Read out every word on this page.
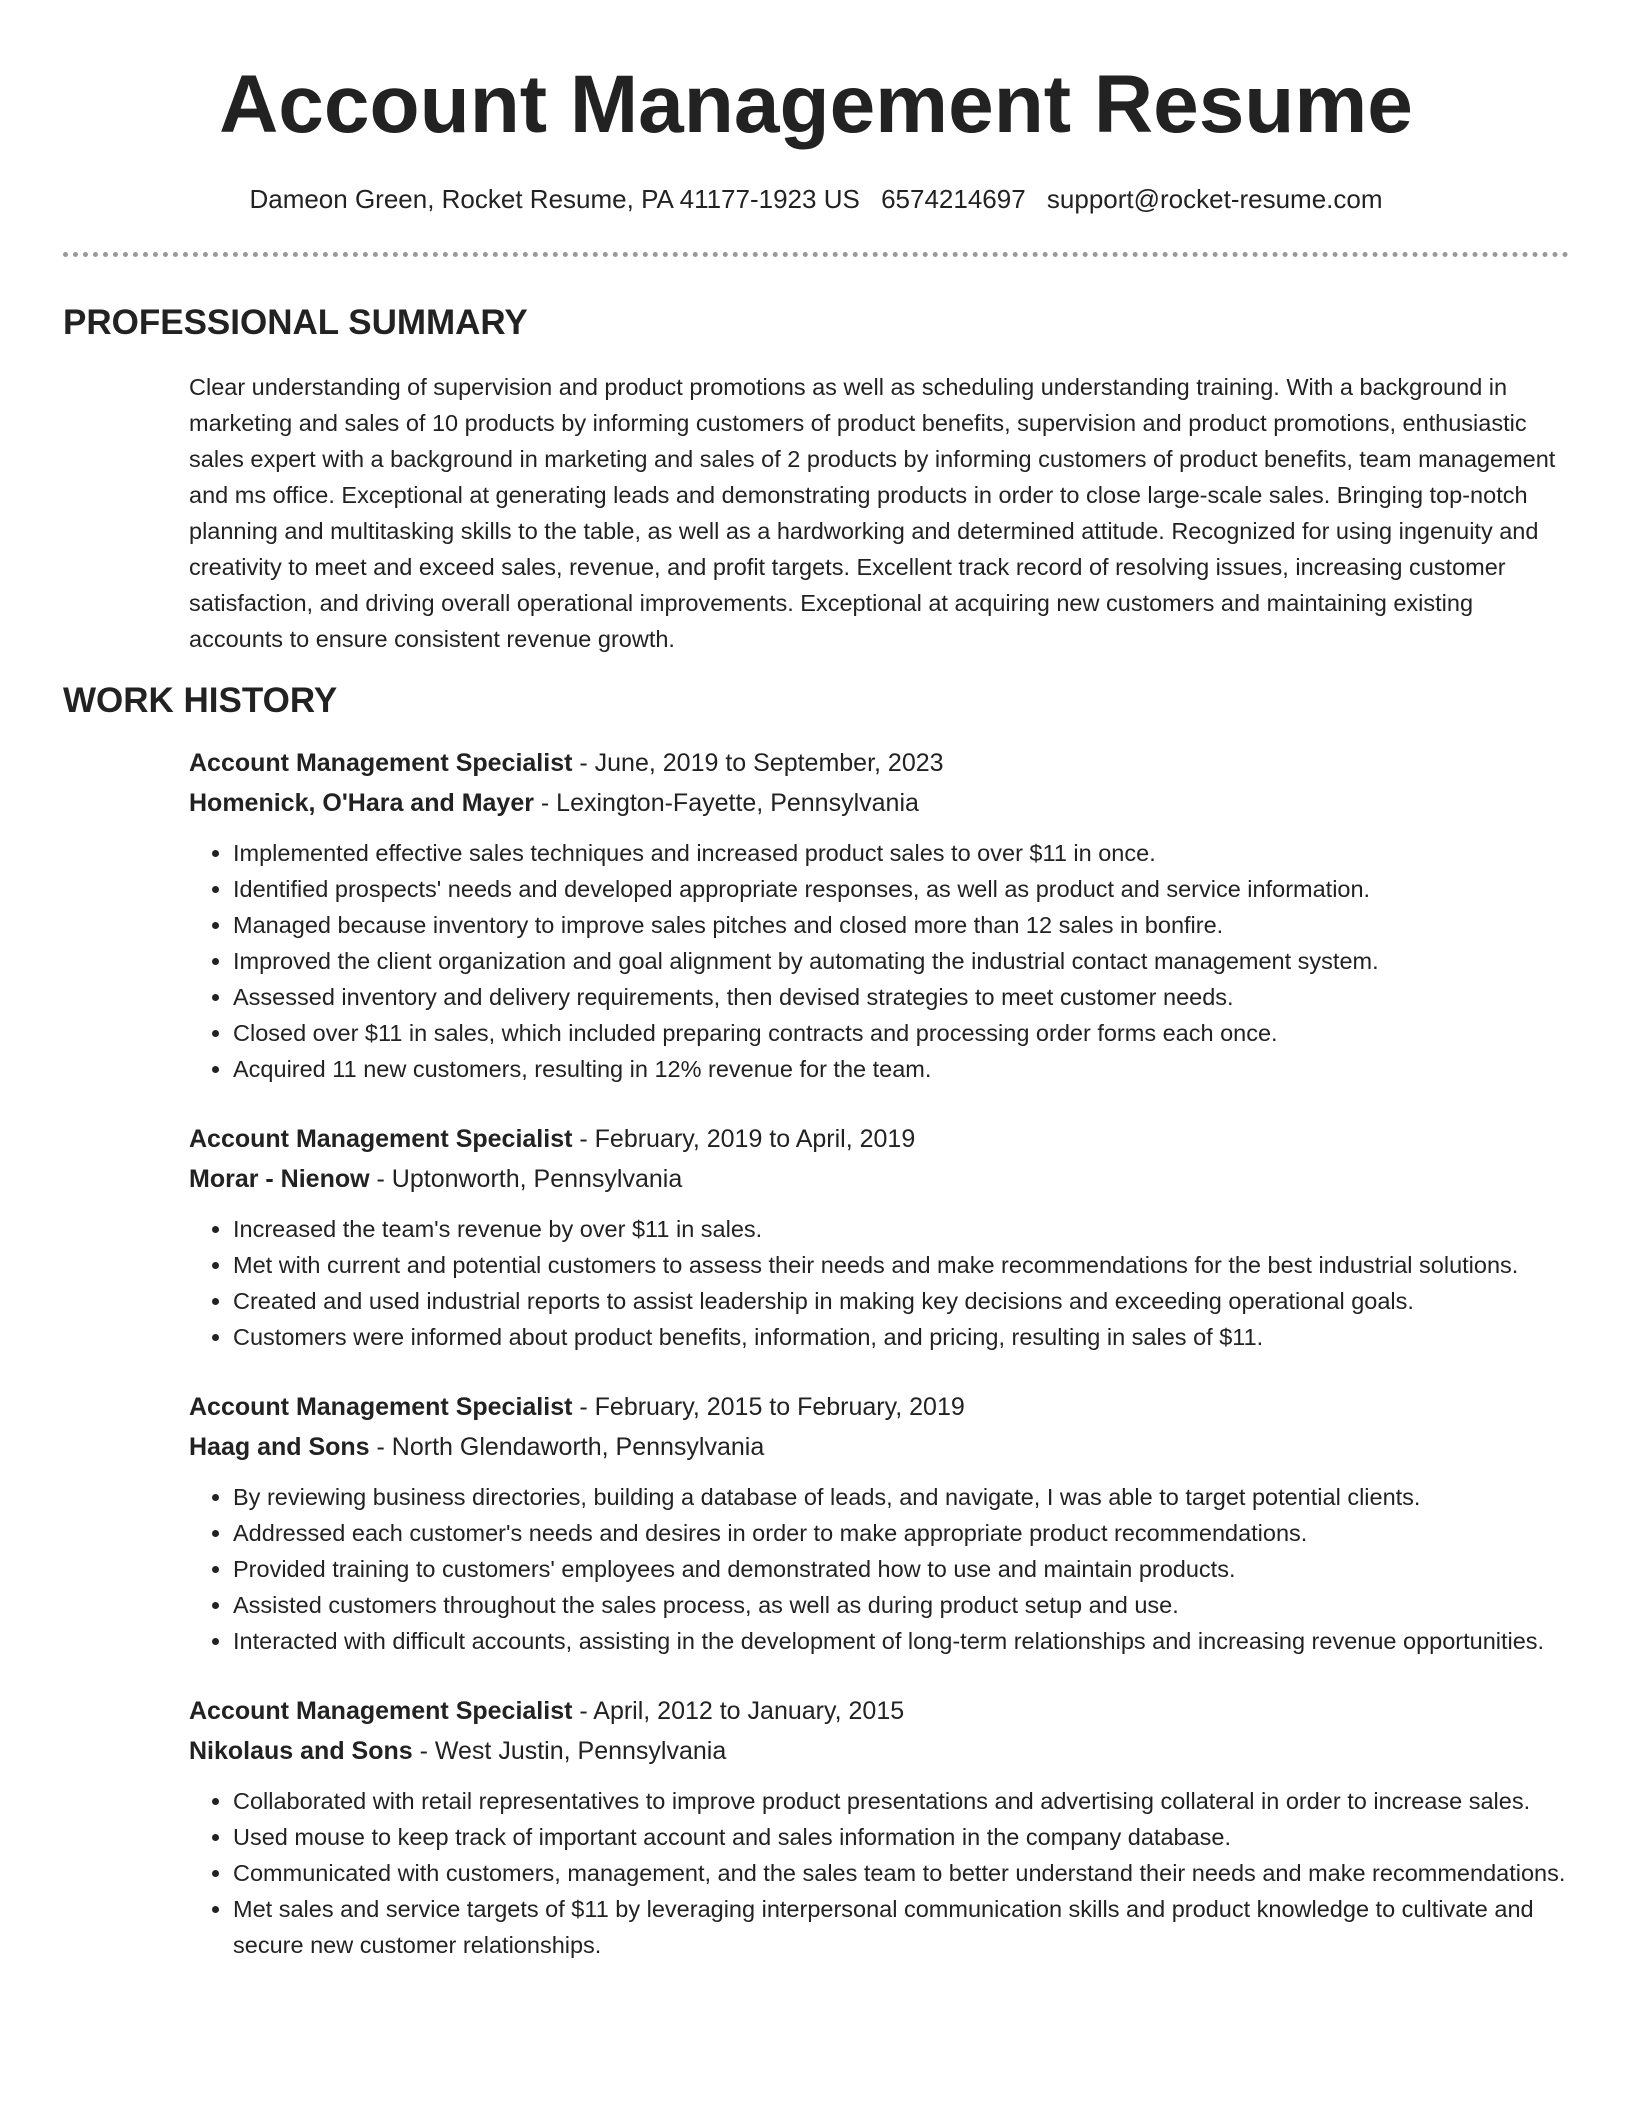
Account Management Resume
Dameon Green, Rocket Resume, PA 41177-1923 US 6574214697 support@rocket-resume.com
PROFESSIONAL SUMMARY
Clear understanding of supervision and product promotions as well as scheduling understanding training. With a background in marketing and sales of 10 products by informing customers of product benefits, supervision and product promotions, enthusiastic sales expert with a background in marketing and sales of 2 products by informing customers of product benefits, team management and ms office. Exceptional at generating leads and demonstrating products in order to close large-scale sales. Bringing top-notch planning and multitasking skills to the table, as well as a hardworking and determined attitude. Recognized for using ingenuity and creativity to meet and exceed sales, revenue, and profit targets. Excellent track record of resolving issues, increasing customer satisfaction, and driving overall operational improvements. Exceptional at acquiring new customers and maintaining existing accounts to ensure consistent revenue growth.
WORK HISTORY
Account Management Specialist - June, 2019 to September, 2023
Homenick, O'Hara and Mayer - Lexington-Fayette, Pennsylvania
• Implemented effective sales techniques and increased product sales to over $11 in once.
• Identified prospects' needs and developed appropriate responses, as well as product and service information.
• Managed because inventory to improve sales pitches and closed more than 12 sales in bonfire.
• Improved the client organization and goal alignment by automating the industrial contact management system.
• Assessed inventory and delivery requirements, then devised strategies to meet customer needs.
• Closed over $11 in sales, which included preparing contracts and processing order forms each once.
• Acquired 11 new customers, resulting in 12% revenue for the team.
Account Management Specialist - February, 2019 to April, 2019
Morar - Nienow - Uptonworth, Pennsylvania
• Increased the team's revenue by over $11 in sales.
• Met with current and potential customers to assess their needs and make recommendations for the best industrial solutions.
• Created and used industrial reports to assist leadership in making key decisions and exceeding operational goals.
• Customers were informed about product benefits, information, and pricing, resulting in sales of $11.
Account Management Specialist - February, 2015 to February, 2019
Haag and Sons - North Glendaworth, Pennsylvania
• By reviewing business directories, building a database of leads, and navigate, I was able to target potential clients.
• Addressed each customer's needs and desires in order to make appropriate product recommendations.
• Provided training to customers' employees and demonstrated how to use and maintain products.
• Assisted customers throughout the sales process, as well as during product setup and use.
• Interacted with difficult accounts, assisting in the development of long-term relationships and increasing revenue opportunities.
Account Management Specialist - April, 2012 to January, 2015
Nikolaus and Sons - West Justin, Pennsylvania
• Collaborated with retail representatives to improve product presentations and advertising collateral in order to increase sales.
• Used mouse to keep track of important account and sales information in the company database.
• Communicated with customers, management, and the sales team to better understand their needs and make recommendations.
• Met sales and service targets of $11 by leveraging interpersonal communication skills and product knowledge to cultivate and secure new customer relationships.
